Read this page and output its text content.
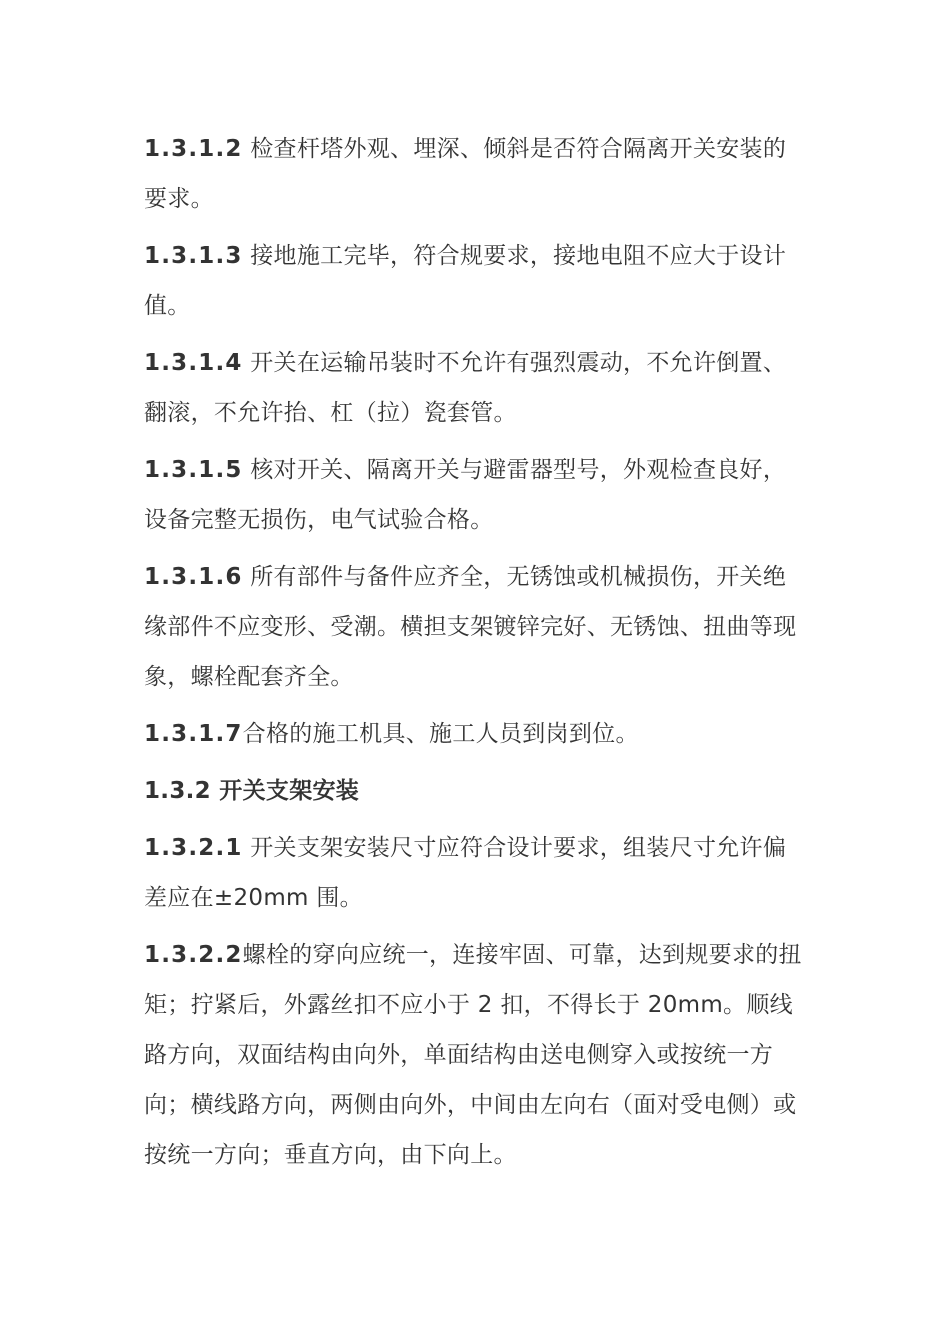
1.3.1.2 检查杆塔外观、埋深、倾斜是否符合隔离开关安装的要求。

1.3.1.3 接地施工完毕，符合规要求，接地电阻不应大于设计值。

1.3.1.4 开关在运输吊装时不允许有强烈震动，不允许倒置、翻滚，不允许抬、杠（拉）瓷套管。

1.3.1.5 核对开关、隔离开关与避雷器型号，外观检查良好，设备完整无损伤，电气试验合格。

1.3.1.6 所有部件与备件应齐全，无锈蚀或机械损伤，开关绝缘部件不应变形、受潮。横担支架镀锌完好、无锈蚀、扭曲等现象，螺栓配套齐全。

1.3.1.7合格的施工机具、施工人员到岗到位。

1.3.2 开关支架安装

1.3.2.1 开关支架安装尺寸应符合设计要求，组装尺寸允许偏差应在±20mm 围。

1.3.2.2螺栓的穿向应统一，连接牢固、可靠，达到规要求的扭矩；拧紧后，外露丝扣不应小于 2 扣，不得长于 20mm。顺线路方向，双面结构由向外，单面结构由送电侧穿入或按统一方向；横线路方向，两侧由向外，中间由左向右（面对受电侧）或按统一方向；垂直方向，由下向上。
